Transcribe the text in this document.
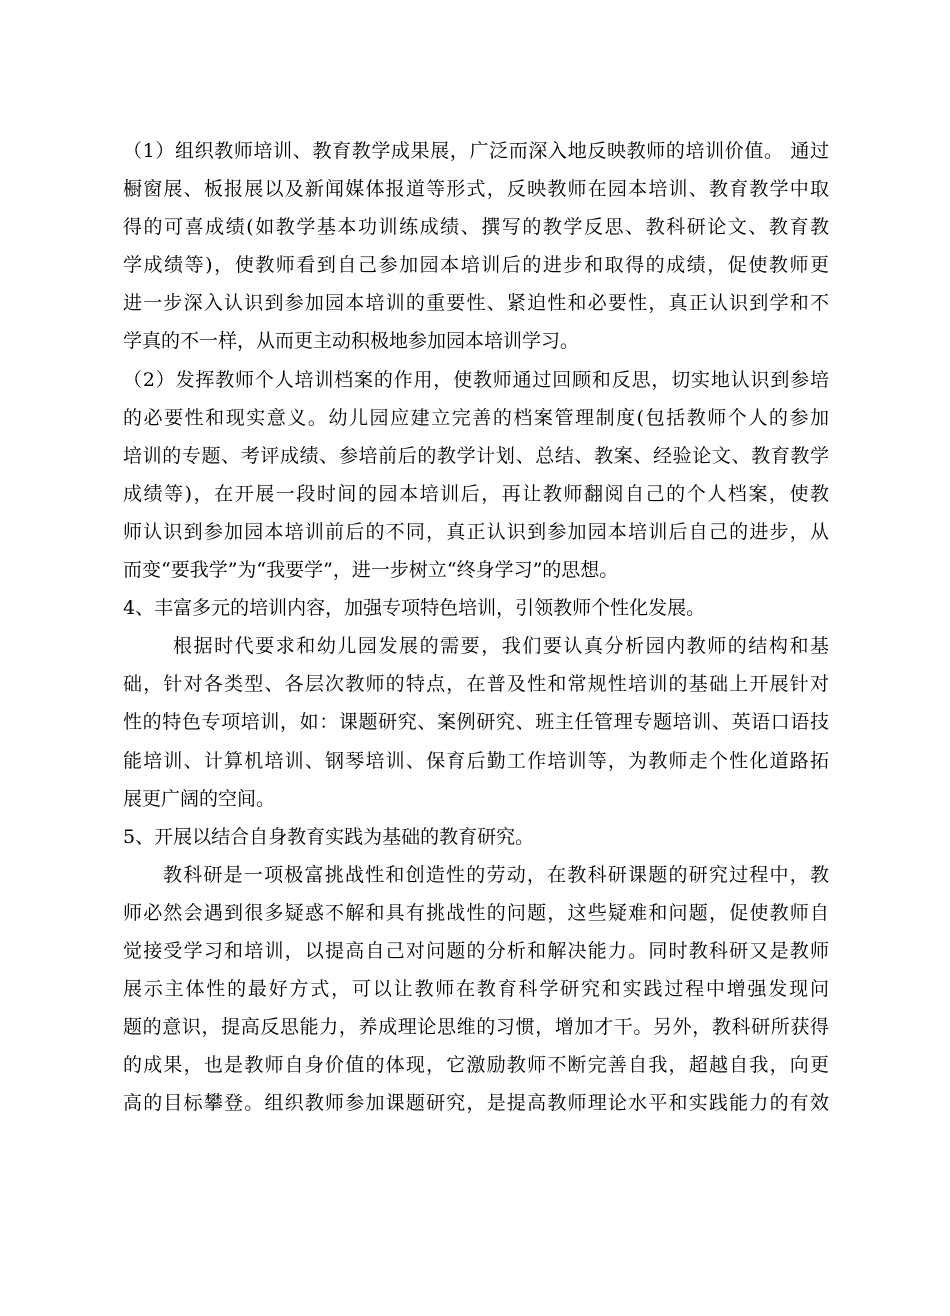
（1）组织教师培训、教育教学成果展，广泛而深入地反映教师的培训价值。 通过
橱窗展、板报展以及新闻媒体报道等形式，反映教师在园本培训、教育教学中取
得的可喜成绩(如教学基本功训练成绩、撰写的教学反思、教科研论文、教育教
学成绩等)，使教师看到自己参加园本培训后的进步和取得的成绩，促使教师更
进一步深入认识到参加园本培训的重要性、紧迫性和必要性，真正认识到学和不
学真的不一样，从而更主动积极地参加园本培训学习。
（2）发挥教师个人培训档案的作用，使教师通过回顾和反思，切实地认识到参培
的必要性和现实意义。幼儿园应建立完善的档案管理制度(包括教师个人的参加
培训的专题、考评成绩、参培前后的教学计划、总结、教案、经验论文、教育教学
成绩等)，在开展一段时间的园本培训后，再让教师翻阅自己的个人档案，使教
师认识到参加园本培训前后的不同，真正认识到参加园本培训后自己的进步，从
而变“要我学”为“我要学”，进一步树立“终身学习”的思想。
4、丰富多元的培训内容，加强专项特色培训，引领教师个性化发展。
根据时代要求和幼儿园发展的需要，我们要认真分析园内教师的结构和基
础，针对各类型、各层次教师的特点，在普及性和常规性培训的基础上开展针对
性的特色专项培训，如：课题研究、案例研究、班主任管理专题培训、英语口语技
能培训、计算机培训、钢琴培训、保育后勤工作培训等，为教师走个性化道路拓
展更广阔的空间。
5、开展以结合自身教育实践为基础的教育研究。
教科研是一项极富挑战性和创造性的劳动，在教科研课题的研究过程中，教
师必然会遇到很多疑惑不解和具有挑战性的问题，这些疑难和问题，促使教师自
觉接受学习和培训，以提高自己对问题的分析和解决能力。同时教科研又是教师
展示主体性的最好方式，可以让教师在教育科学研究和实践过程中增强发现问
题的意识，提高反思能力，养成理论思维的习惯，增加才干。另外，教科研所获得
的成果，也是教师自身价值的体现，它激励教师不断完善自我，超越自我，向更
高的目标攀登。组织教师参加课题研究，是提高教师理论水平和实践能力的有效
